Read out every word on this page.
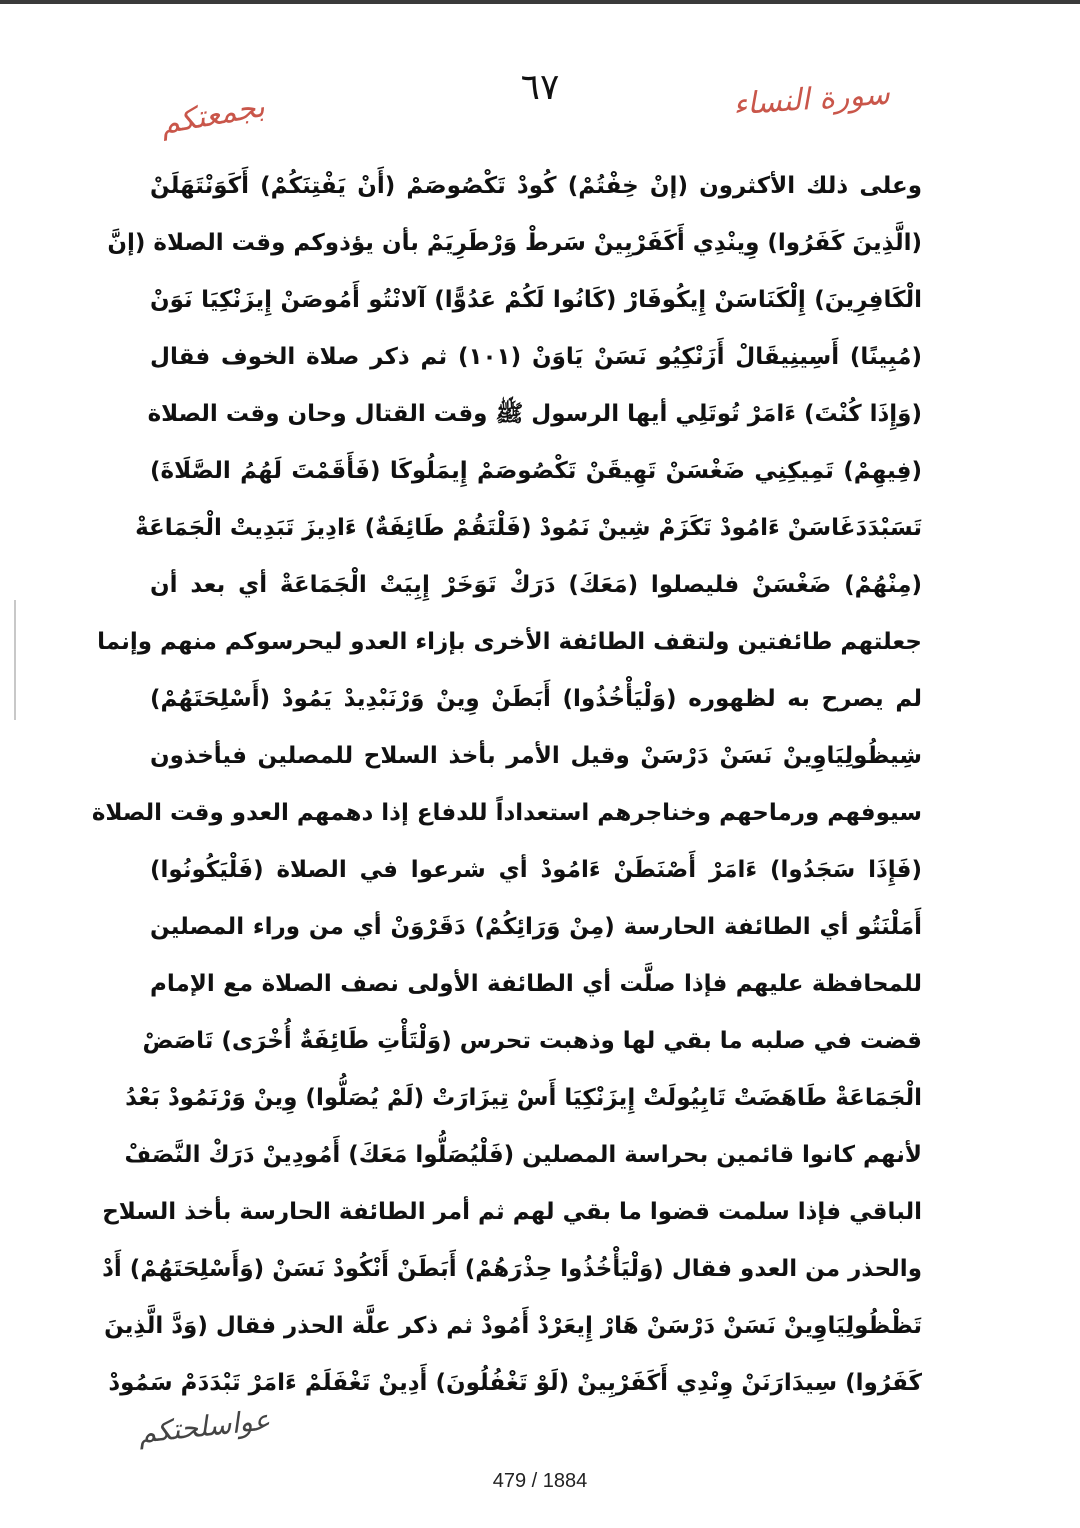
بجمعتكم
٦٧	سورة النساء
وعلى ذلك الأكثرون (إنْ خِفْتُمْ) كُودْ تَكْصُوصَمْ (أَنْ يَفْتِنَكُمْ) أَكَوَنْتَهَلَنْ
(الَّذِينَ كَفَرُوا) وِينْدِي أَكَفَرْبِينْ سَرطْ وَرْطَرِيَمْ بأن يؤذوكم وقت الصلاة (إنَّ
الْكَافِرِينَ) إِلْكَنَاسَنْ إِيكُوفَارْ (كَانُوا لَكُمْ عَدُوًّا) آلانْتُو أَمُوصَنْ إِيزَنْكِيَا نَوَنْ
(مُبِينًا) أَسِينِيقَالْ أَزَنْكِيُو نَسَنْ يَاوَنْ (١٠١) ثم ذكر صلاة الخوف فقال
(وَإِذَا كُنْتَ) ءَامَرْ تُوتَلِي أيها الرسول ﷺ وقت القتال وحان وقت الصلاة
(فِيهِمْ) تَمِيكِنِي ضَغْسَنْ تَهِيقَنْ تَكْصُوصَمْ إِيمَلُوكَا (فَأَقَمْتَ لَهُمُ الصَّلَاةَ)
تَسَبْدَدَغَاسَنْ ءَامُودْ تَكَزَمْ شِينْ نَمُودْ (فَلْتَقُمْ طَائِفَةٌ) ءَادِيزَ تَبَدِيتْ الْجَمَاعَةْ
(مِنْهُمْ) ضَغْسَنْ فليصلوا (مَعَكَ) دَرَكْ تَوَخَرْ إِبِيَتْ الْجَمَاعَةْ أي بعد أن
جعلتهم طائفتين ولتقف الطائفة الأخرى بإزاء العدو ليحرسوكم منهم وإنما
لم يصرح به لظهوره (وَلْيَأْخُذُوا) أَبَطَنْ وِينْ وَرْنَبْدِيدْ يَمُودْ (أَسْلِحَتَهُمْ)
شِيظُولِيَاوِينْ نَسَنْ دَرْسَنْ وقيل الأمر بأخذ السلاح للمصلين فيأخذون
سيوفهم ورماحهم وخناجرهم استعداداً للدفاع إذا دهمهم العدو وقت الصلاة
(فَإِذَا سَجَدُوا) ءَامَرْ أَصْنَطَنْ ءَامُودْ أي شرعوا في الصلاة (فَلْيَكُونُوا)
أَمَلْنَتُو أي الطائفة الحارسة (مِنْ وَرَائِكُمْ) دَقَرْوَنْ أي من وراء المصلين
للمحافظة عليهم فإذا صلَّت أي الطائفة الأولى نصف الصلاة مع الإمام
قضت في صلبه ما بقي لها وذهبت تحرس (وَلْتَأْتِ طَائِفَةٌ أُخْرَى) تَاصَضْ
الْجَمَاعَةْ طَاهَضَتْ تَابِيُولَتْ إِيزَنْكِيَا أَسْ تِيزَارَتْ (لَمْ يُصَلُّوا) وِينْ وَرْنَمُودْ بَعْدُ
لأنهم كانوا قائمين بحراسة المصلين (فَلْيُصَلُّوا مَعَكَ) أَمُودِينْ دَرَكْ النَّصَفْ
الباقي فإذا سلمت قضوا ما بقي لهم ثم أمر الطائفة الحارسة بأخذ السلاح
والحذر من العدو فقال (وَلْيَأْخُذُوا حِذْرَهُمْ) أَبَطَنْ أَنْكُودْ نَسَنْ (وَأَسْلِحَتَهُمْ) أَدْ
تَظْظُولِيَاوِينْ نَسَنْ دَرْسَنْ هَارْ إِيعَرْدْ أَمُودْ ثم ذكر علَّة الحذر فقال (وَدَّ الَّذِينَ
كَفَرُوا) سِيدَارَنَنْ وِنْدِي أَكَفَرْبِينْ (لَوْ تَغْفُلُونَ) أَدِينْ تَغْفَلَمْ ءَامَرْ تَبْدَدَمْ سَمُودْ
عواسلحتكم
479 / 1884
